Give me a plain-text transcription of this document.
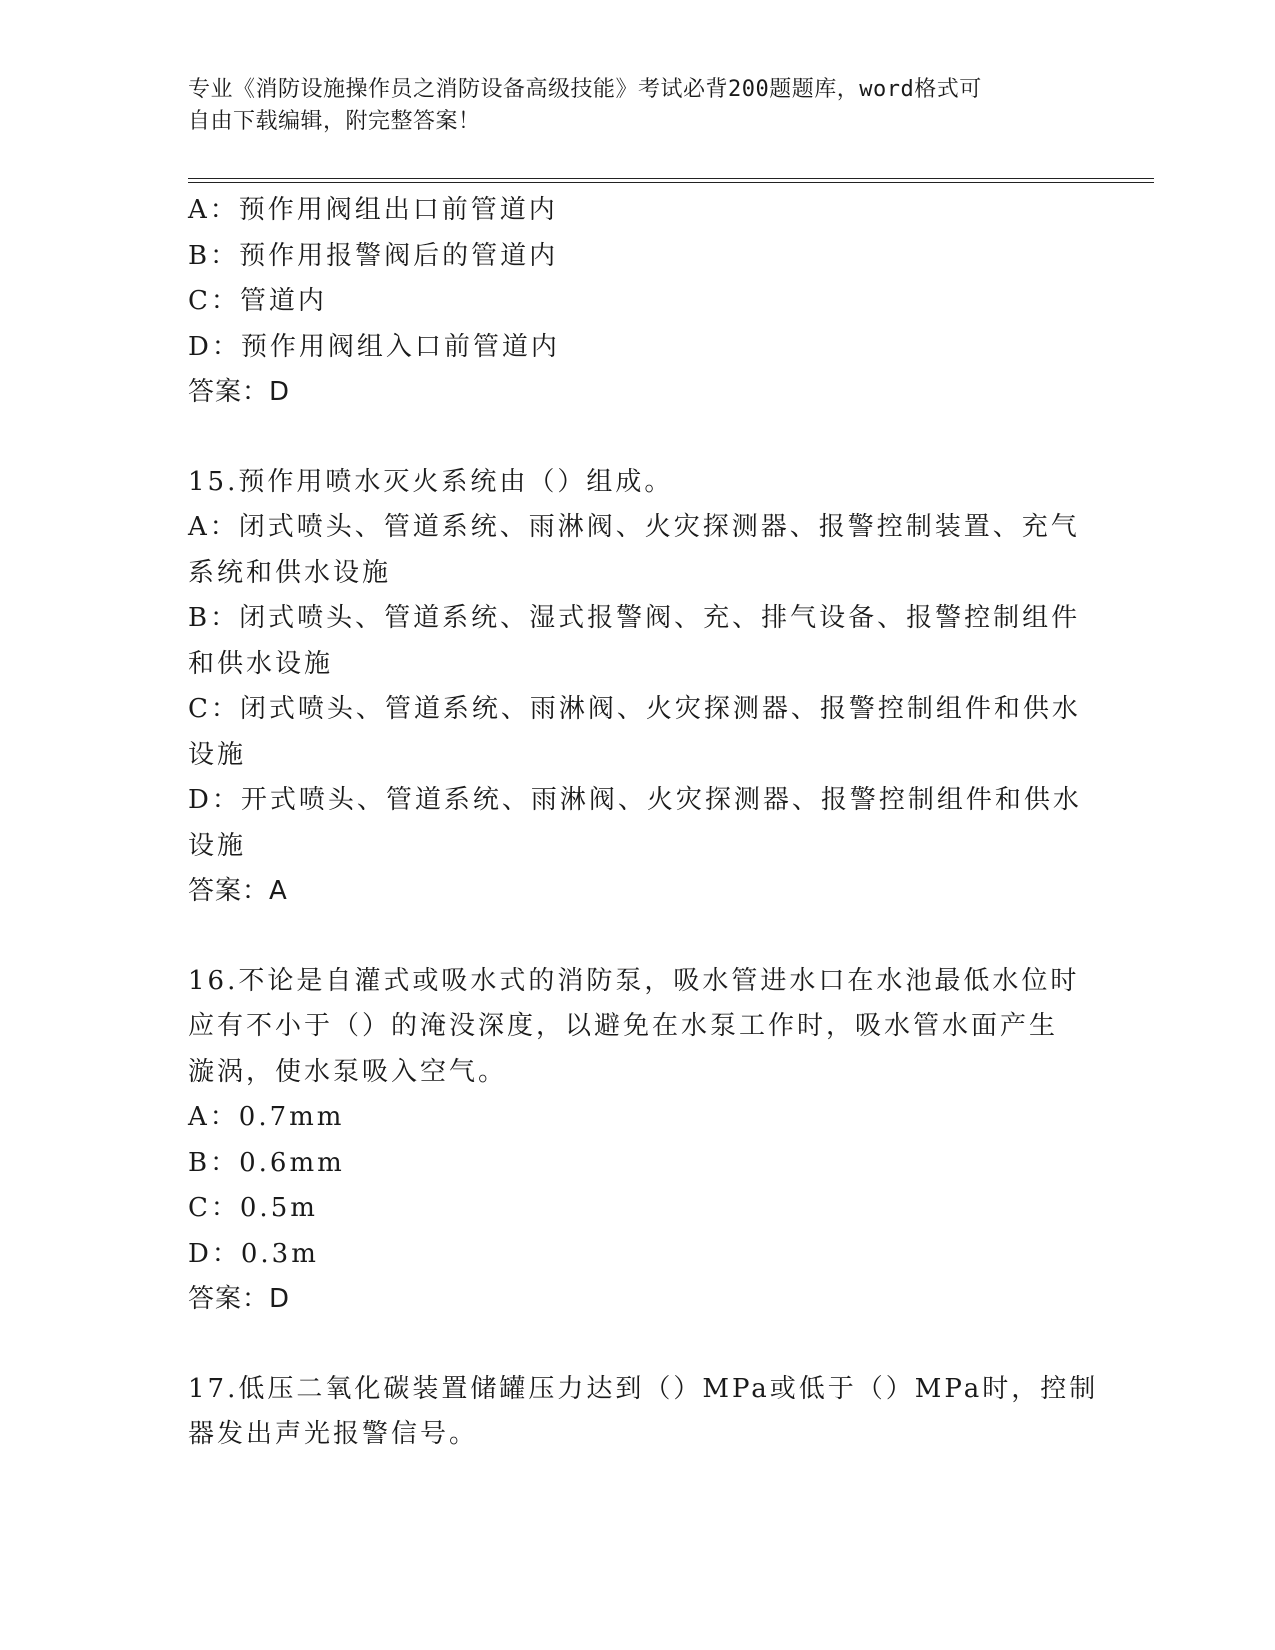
专业《消防设施操作员之消防设备高级技能》考试必背200题题库，word格式可
自由下载编辑，附完整答案！
A：预作用阀组出口前管道内
B：预作用报警阀后的管道内
C：管道内
D：预作用阀组入口前管道内
答案：D
15.预作用喷水灭火系统由（）组成。
A：闭式喷头、管道系统、雨淋阀、火灾探测器、报警控制装置、充气
系统和供水设施
B：闭式喷头、管道系统、湿式报警阀、充、排气设备、报警控制组件
和供水设施
C：闭式喷头、管道系统、雨淋阀、火灾探测器、报警控制组件和供水
设施
D：开式喷头、管道系统、雨淋阀、火灾探测器、报警控制组件和供水
设施
答案：A
16.不论是自灌式或吸水式的消防泵，吸水管进水口在水池最低水位时
应有不小于（）的淹没深度，以避免在水泵工作时，吸水管水面产生
漩涡，使水泵吸入空气。
A：0.7mm
B：0.6mm
C：0.5m
D：0.3m
答案：D
17.低压二氧化碳装置储罐压力达到（）MPa或低于（）MPa时，控制
器发出声光报警信号。
